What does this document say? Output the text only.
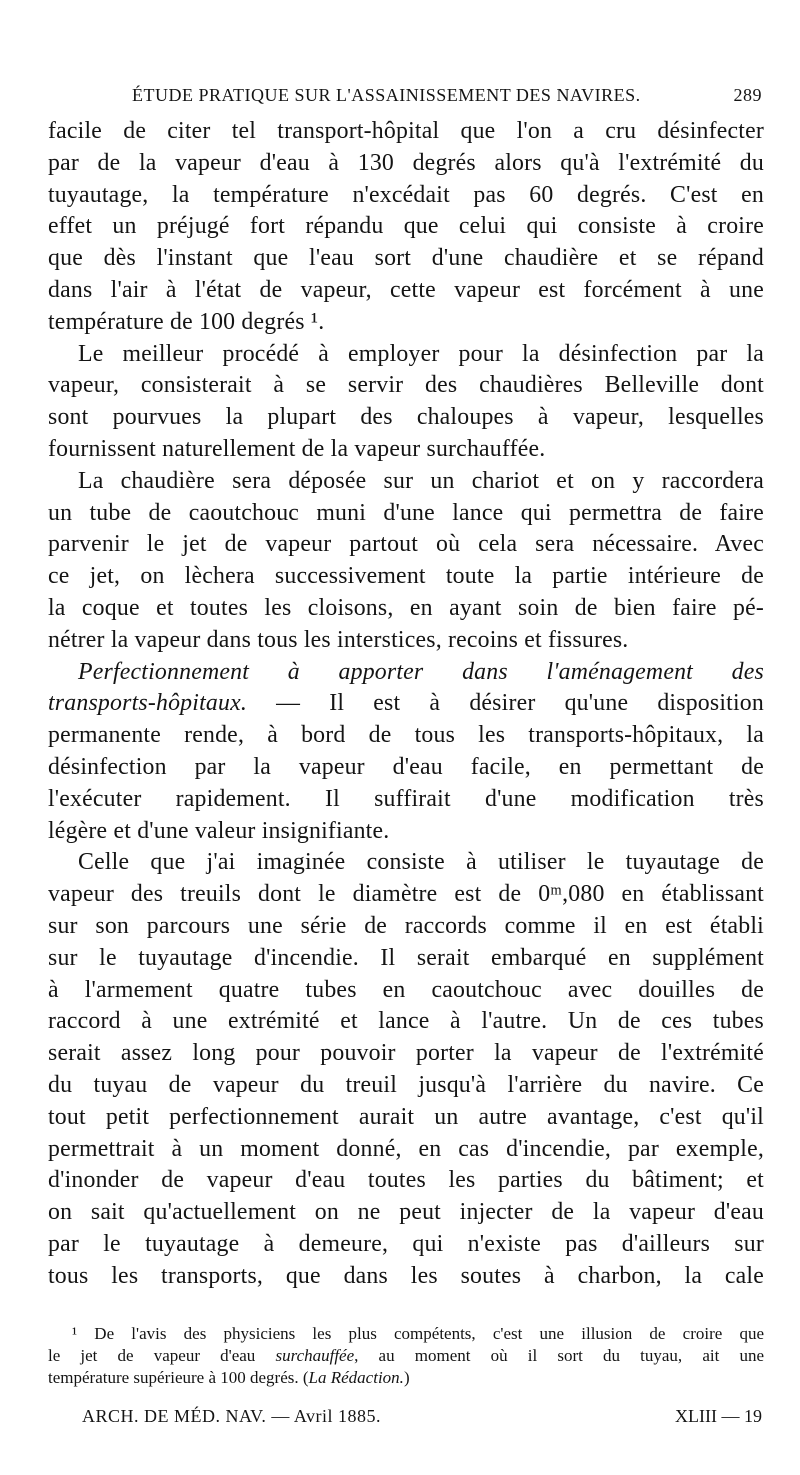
ÉTUDE PRATIQUE SUR L'ASSAINISSEMENT DES NAVIRES.	289
facile de citer tel transport-hôpital que l'on a cru désinfecter
par de la vapeur d'eau à 130 degrés alors qu'à l'extrémité du
tuyautage, la température n'excédait pas 60 degrés. C'est en
effet un préjugé fort répandu que celui qui consiste à croire
que dès l'instant que l'eau sort d'une chaudière et se répand
dans l'air à l'état de vapeur, cette vapeur est forcément à une
température de 100 degrés ¹.
Le meilleur procédé à employer pour la désinfection par la
vapeur, consisterait à se servir des chaudières Belleville dont
sont pourvues la plupart des chaloupes à vapeur, lesquelles
fournissent naturellement de la vapeur surchauffée.
La chaudière sera déposée sur un chariot et on y raccordera
un tube de caoutchouc muni d'une lance qui permettra de faire
parvenir le jet de vapeur partout où cela sera nécessaire. Avec
ce jet, on lèchera successivement toute la partie intérieure de
la coque et toutes les cloisons, en ayant soin de bien faire pé-
nétrer la vapeur dans tous les interstices, recoins et fissures.
Perfectionnement à apporter dans l'aménagement des
transports-hôpitaux. — Il est à désirer qu'une disposition
permanente rende, à bord de tous les transports-hôpitaux, la
désinfection par la vapeur d'eau facile, en permettant de
l'exécuter rapidement. Il suffirait d'une modification très
légère et d'une valeur insignifiante.
Celle que j'ai imaginée consiste à utiliser le tuyautage de
vapeur des treuils dont le diamètre est de 0ᵐ,080 en établissant
sur son parcours une série de raccords comme il en est établi
sur le tuyautage d'incendie. Il serait embarqué en supplément
à l'armement quatre tubes en caoutchouc avec douilles de
raccord à une extrémité et lance à l'autre. Un de ces tubes
serait assez long pour pouvoir porter la vapeur de l'extrémité
du tuyau de vapeur du treuil jusqu'à l'arrière du navire. Ce
tout petit perfectionnement aurait un autre avantage, c'est qu'il
permettrait à un moment donné, en cas d'incendie, par exemple,
d'inonder de vapeur d'eau toutes les parties du bâtiment; et
on sait qu'actuellement on ne peut injecter de la vapeur d'eau
par le tuyautage à demeure, qui n'existe pas d'ailleurs sur
tous les transports, que dans les soutes à charbon, la cale
¹ De l'avis des physiciens les plus compétents, c'est une illusion de croire que
le jet de vapeur d'eau surchauffée, au moment où il sort du tuyau, ait une
température supérieure à 100 degrés. (La Rédaction.)
ARCH. DE MÉD. NAV. — Avril 1885.	XLIII — 19
